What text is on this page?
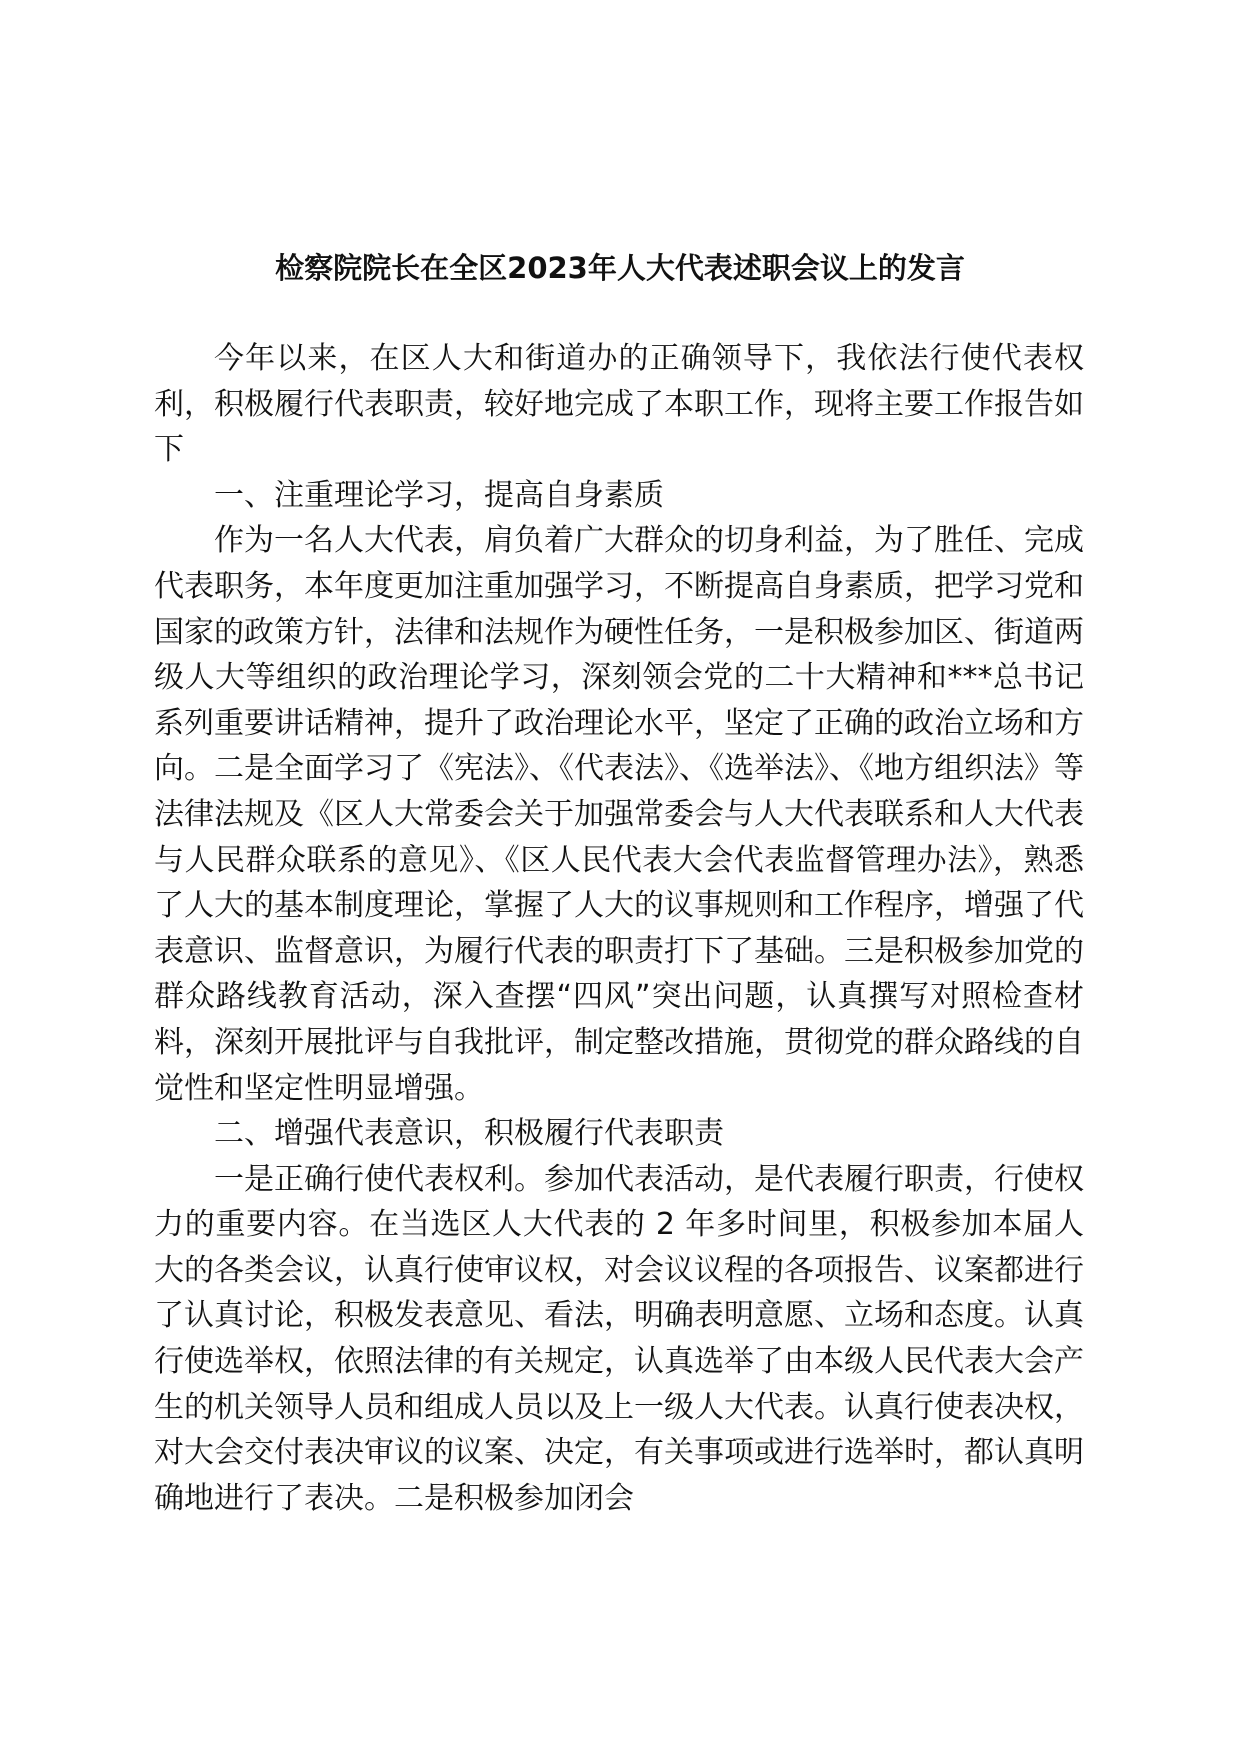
检察院院长在全区2023年人大代表述职会议上的发言

今年以来，在区人大和街道办的正确领导下，我依法行使代表权利，积极履行代表职责，较好地完成了本职工作，现将主要工作报告如下

一、注重理论学习，提高自身素质

作为一名人大代表，肩负着广大群众的切身利益，为了胜任、完成代表职务，本年度更加注重加强学习，不断提高自身素质，把学习党和国家的政策方针，法律和法规作为硬性任务，一是积极参加区、街道两级人大等组织的政治理论学习，深刻领会党的二十大精神和***总书记系列重要讲话精神，提升了政治理论水平，坚定了正确的政治立场和方向。二是全面学习了《宪法》、《代表法》、《选举法》、《地方组织法》等法律法规及《区人大常委会关于加强常委会与人大代表联系和人大代表与人民群众联系的意见》、《区人民代表大会代表监督管理办法》，熟悉了人大的基本制度理论，掌握了人大的议事规则和工作程序，增强了代表意识、监督意识，为履行代表的职责打下了基础。三是积极参加党的群众路线教育活动，深入查摆“四风”突出问题，认真撰写对照检查材料，深刻开展批评与自我批评，制定整改措施，贯彻党的群众路线的自觉性和坚定性明显增强。

二、增强代表意识，积极履行代表职责

一是正确行使代表权利。参加代表活动，是代表履行职责，行使权力的重要内容。在当选区人大代表的 2 年多时间里，积极参加本届人大的各类会议，认真行使审议权，对会议议程的各项报告、议案都进行了认真讨论，积极发表意见、看法，明确表明意愿、立场和态度。认真行使选举权，依照法律的有关规定，认真选举了由本级人民代表大会产生的机关领导人员和组成人员以及上一级人大代表。认真行使表决权，对大会交付表决审议的议案、决定，有关事项或进行选举时，都认真明确地进行了表决。二是积极参加闭会
